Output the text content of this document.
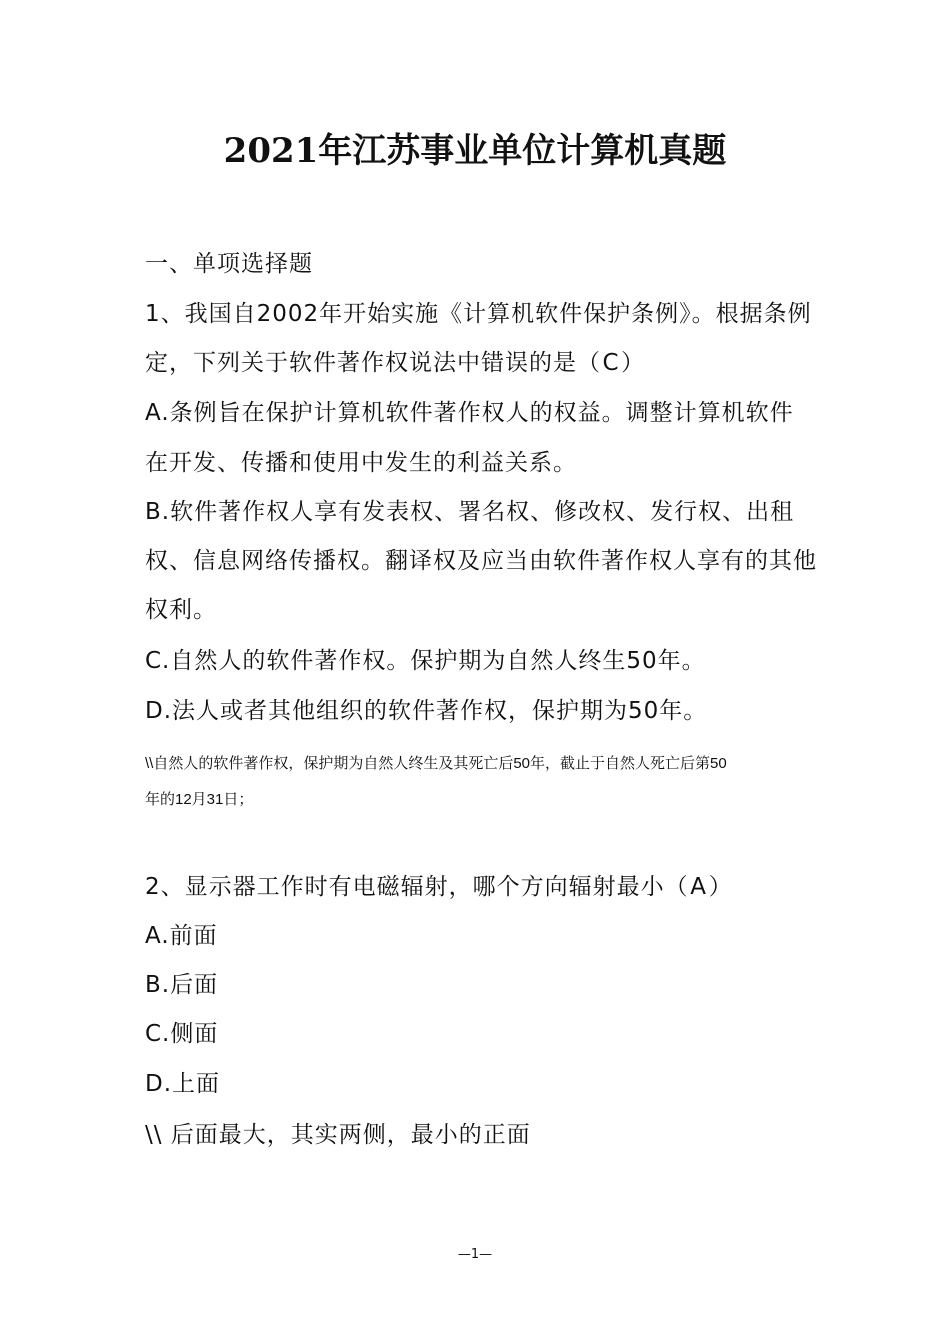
2021年江苏事业单位计算机真题
一、单项选择题
1、我国自2002年开始实施《计算机软件保护条例》。根据条例
定，下列关于软件著作权说法中错误的是（C）
A.条例旨在保护计算机软件著作权人的权益。调整计算机软件
在开发、传播和使用中发生的利益关系。
B.软件著作权人享有发表权、署名权、修改权、发行权、出租
权、信息网络传播权。翻译权及应当由软件著作权人享有的其他
权利。
C.自然人的软件著作权。保护期为自然人终生50年。
D.法人或者其他组织的软件著作权，保护期为50年。
\\自然人的软件著作权，保护期为自然人终生及其死亡后50年，截止于自然人死亡后第50
年的12月31日；
2、显示器工作时有电磁辐射，哪个方向辐射最小（A）
A.前面
B.后面
C.侧面
D.上面
\\ 后面最大，其实两侧，最小的正面
—1—
